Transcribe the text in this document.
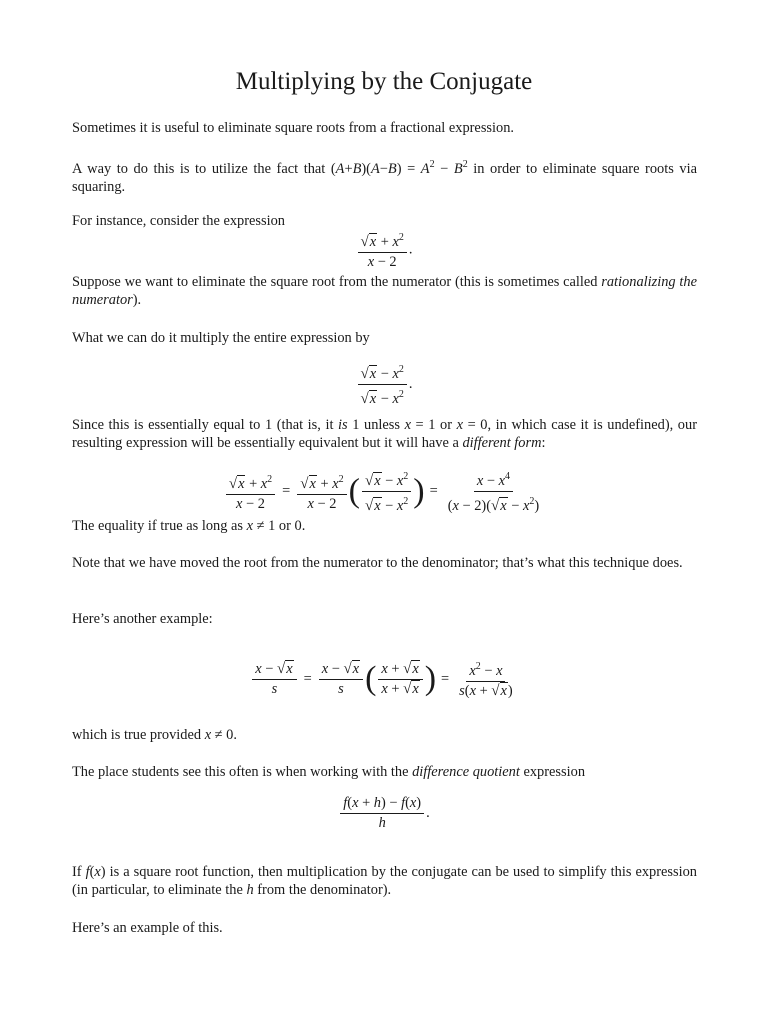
Multiplying by the Conjugate
Sometimes it is useful to eliminate square roots from a fractional expression.
A way to do this is to utilize the fact that $(A+B)(A-B) = A^2 - B^2$ in order to eliminate square roots via squaring.
For instance, consider the expression
$\frac{√x + x^2}{x - 2}$ .
Suppose we want to eliminate the square root from the numerator (this is sometimes called rationalizing the numerator).
What we can do it multiply the entire expression by
$\frac{√x - x^2}{√x - x^2}$ .
Since this is essentially equal to 1 (that is, it is 1 unless x = 1 or x = 0, in which case it is undefined), our resulting expression will be essentially equivalent but it will have a different form:
$\frac{√x + x^2}{x - 2} = \frac{√x + x^2}{x - 2}$ ( $\frac{√x - x^2}{√x - x^2}$ ) = $\frac{x - x^4}{(x - 2)(√x - x^2)}$
The equality if true as long as x ≠ 1 or 0.
Note that we have moved the root from the numerator to the denominator; that’s what this technique does.
Here’s another example:
$\frac{x - √x}{s} = \frac{x - √x}{s}$ ( $\frac{x + √x}{x + √x}$ ) = $\frac{x^2 - x}{s(x + √x)}$
which is true provided x ≠ 0.
The place students see this often is when working with the difference quotient expression
$\frac{f(x + h) - f(x)}{h}$ .
If f(x) is a square root function, then multiplication by the conjugate can be used to simplify this expression (in particular, to eliminate the h from the denominator).
Here’s an example of this.
